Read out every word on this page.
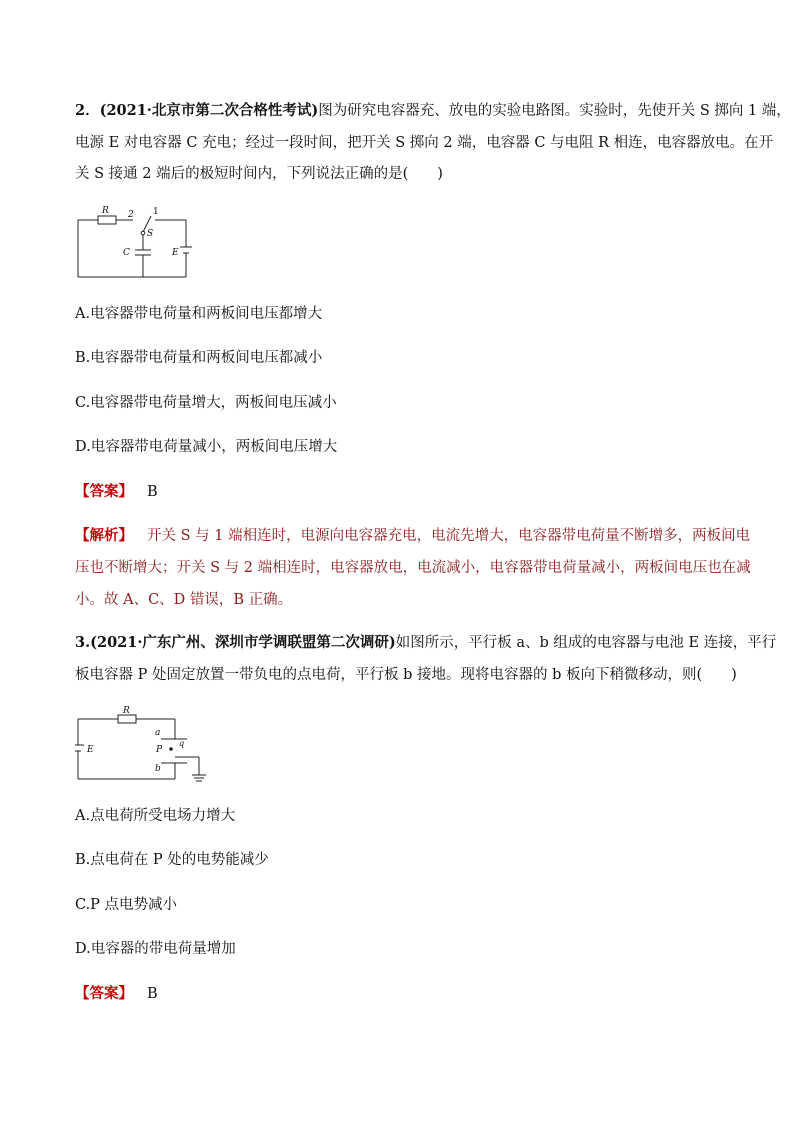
2．(2021·北京市第二次合格性考试)图为研究电容器充、放电的实验电路图。实验时，先使开关 S 掷向 1 端，
电源 E 对电容器 C 充电；经过一段时间，把开关 S 掷向 2 端，电容器 C 与电阻 R 相连，电容器放电。在开
关 S 接通 2 端后的极短时间内，下列说法正确的是(　　)
R 2 1
S
C	E
A.电容器带电荷量和两板间电压都增大
B.电容器带电荷量和两板间电压都减小
C.电容器带电荷量增大，两板间电压减小
D.电容器带电荷量减小，两板间电压增大
【答案】 B
【解析】 开关 S 与 1 端相连时，电源向电容器充电，电流先增大，电容器带电荷量不断增多，两板间电
压也不断增大；开关 S 与 2 端相连时，电容器放电，电流减小，电容器带电荷量减小，两板间电压也在减
小。故 A、C、D 错误，B 正确。
3.(2021·广东广州、深圳市学调联盟第二次调研)如图所示，平行板 a、b 组成的电容器与电池 E 连接，平行
板电容器 P 处固定放置一带负电的点电荷，平行板 b 接地。现将电容器的 b 板向下稍微移动，则(　　)
R
E
a
P
q
b
A.点电荷所受电场力增大
B.点电荷在 P 处的电势能减少
C.P 点电势减小
D.电容器的带电荷量增加
【答案】 B
